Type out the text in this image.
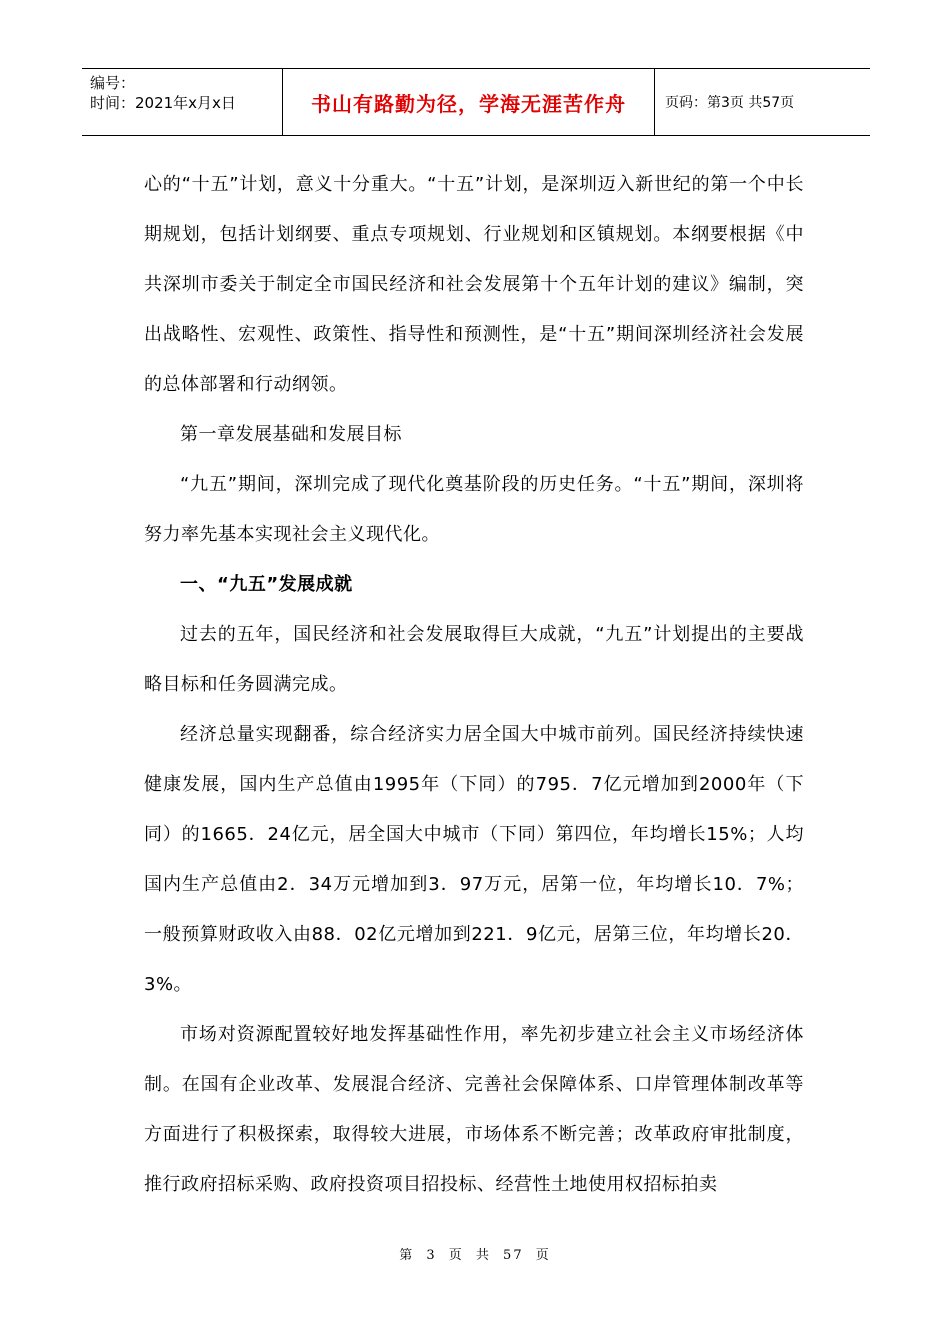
编号：
时间：2021年x月x日	书山有路勤为径，学海无涯苦作舟	页码：第3页 共57页

心的“十五”计划，意义十分重大。“十五”计划，是深圳迈入新世纪的第一个中长期规划，包括计划纲要、重点专项规划、行业规划和区镇规划。本纲要根据《中共深圳市委关于制定全市国民经济和社会发展第十个五年计划的建议》编制，突出战略性、宏观性、政策性、指导性和预测性，是“十五”期间深圳经济社会发展的总体部署和行动纲领。

第一章发展基础和发展目标

“九五”期间，深圳完成了现代化奠基阶段的历史任务。“十五”期间，深圳将努力率先基本实现社会主义现代化。

一、“九五”发展成就

过去的五年，国民经济和社会发展取得巨大成就，“九五”计划提出的主要战略目标和任务圆满完成。

经济总量实现翻番，综合经济实力居全国大中城市前列。国民经济持续快速健康发展，国内生产总值由1995年（下同）的795．7亿元增加到2000年（下同）的1665．24亿元，居全国大中城市（下同）第四位，年均增长15%；人均国内生产总值由2．34万元增加到3．97万元，居第一位，年均增长10．7%；一般预算财政收入由88．02亿元增加到221．9亿元，居第三位，年均增长20．3%。

市场对资源配置较好地发挥基础性作用，率先初步建立社会主义市场经济体制。在国有企业改革、发展混合经济、完善社会保障体系、口岸管理体制改革等方面进行了积极探索，取得较大进展，市场体系不断完善；改革政府审批制度，推行政府招标采购、政府投资项目招投标、经营性土地使用权招标拍卖

第 3 页 共 57 页
